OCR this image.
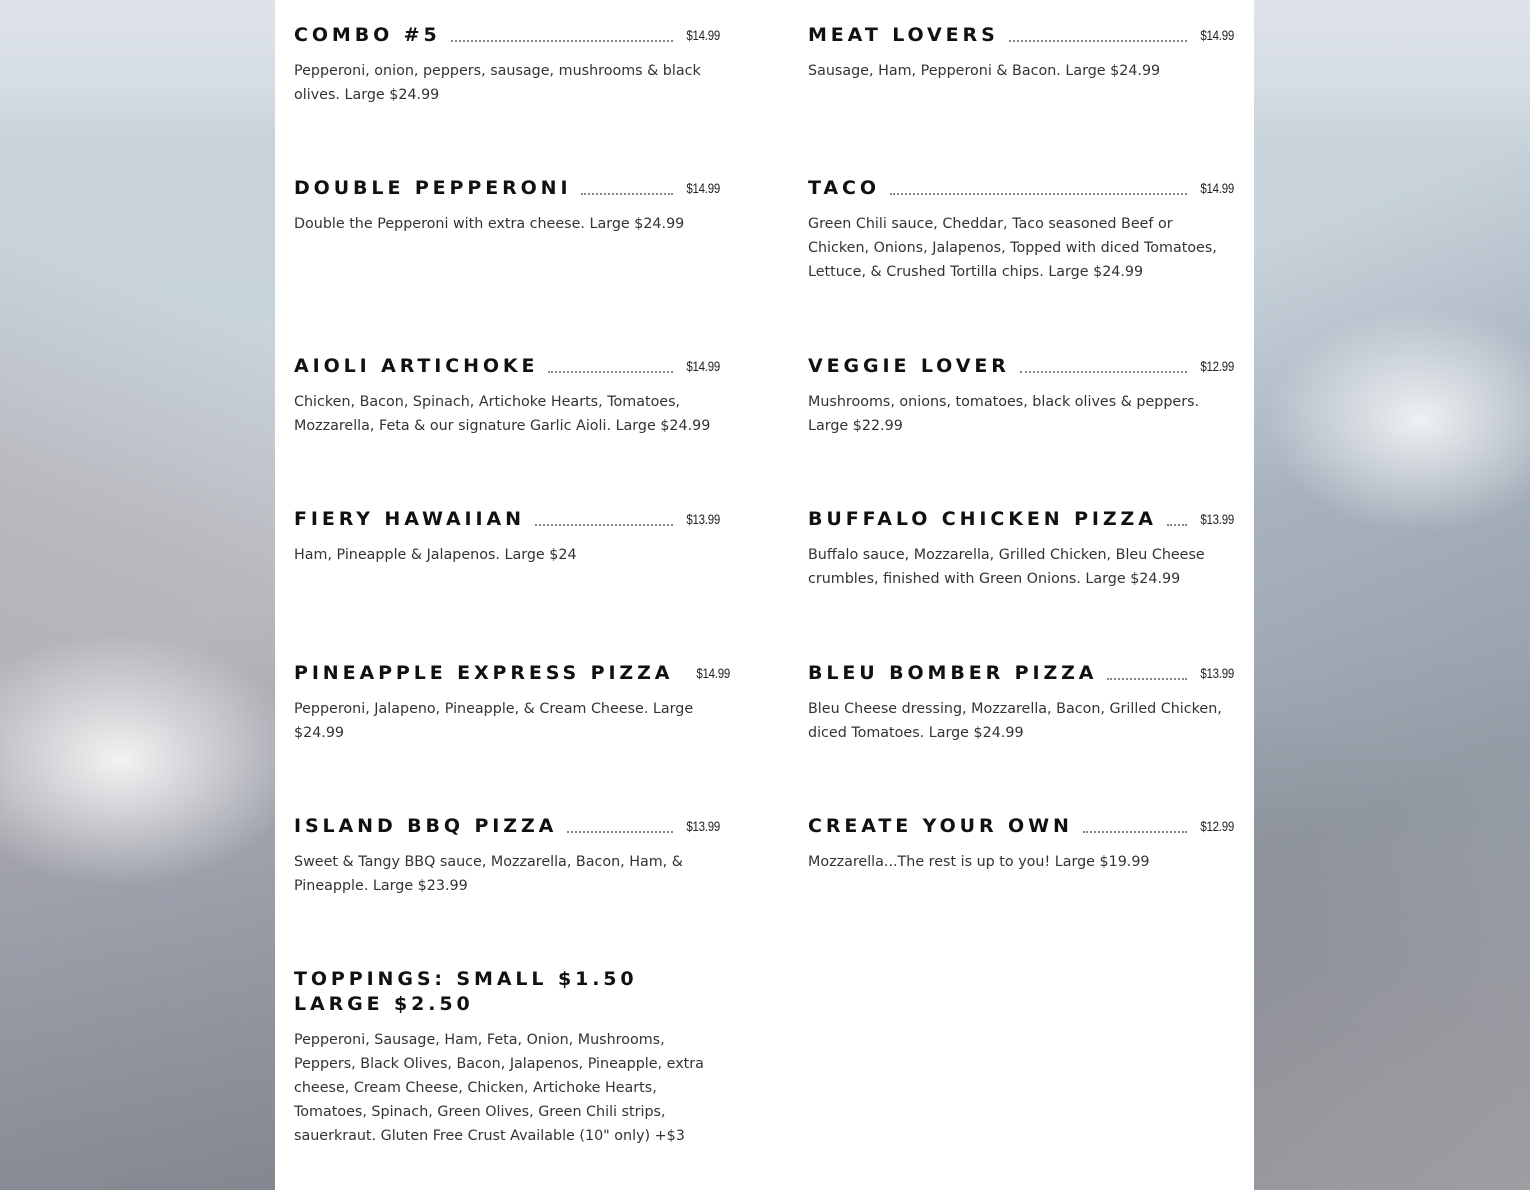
COMBO #5	$14.99
Pepperoni, onion, peppers, sausage, mushrooms & black olives. Large $24.99
DOUBLE PEPPERONI	$14.99
Double the Pepperoni with extra cheese. Large $24.99
AIOLI ARTICHOKE	$14.99
Chicken, Bacon, Spinach, Artichoke Hearts, Tomatoes, Mozzarella, Feta & our signature Garlic Aioli. Large $24.99
FIERY HAWAIIAN	$13.99
Ham, Pineapple & Jalapenos. Large $24
PINEAPPLE EXPRESS PIZZA $14.99
Pepperoni, Jalapeno, Pineapple, & Cream Cheese. Large $24.99
ISLAND BBQ PIZZA	$13.99
Sweet & Tangy BBQ sauce, Mozzarella, Bacon, Ham, & Pineapple. Large $23.99
TOPPINGS: SMALL $1.50 LARGE $2.50
Pepperoni, Sausage, Ham, Feta, Onion, Mushrooms, Peppers, Black Olives, Bacon, Jalapenos, Pineapple, extra cheese, Cream Cheese, Chicken, Artichoke Hearts, Tomatoes, Spinach, Green Olives, Green Chili strips, sauerkraut. Gluten Free Crust Available (10" only) +$3
MEAT LOVERS	$14.99
Sausage, Ham, Pepperoni & Bacon. Large $24.99
TACO	$14.99
Green Chili sauce, Cheddar, Taco seasoned Beef or Chicken, Onions, Jalapenos, Topped with diced Tomatoes, Lettuce, & Crushed Tortilla chips. Large $24.99
VEGGIE LOVER	$12.99
Mushrooms, onions, tomatoes, black olives & peppers. Large $22.99
BUFFALO CHICKEN PIZZA	$13.99
Buffalo sauce, Mozzarella, Grilled Chicken, Bleu Cheese crumbles, finished with Green Onions. Large $24.99
BLEU BOMBER PIZZA	$13.99
Bleu Cheese dressing, Mozzarella, Bacon, Grilled Chicken, diced Tomatoes. Large $24.99
CREATE YOUR OWN	$12.99
Mozzarella...The rest is up to you! Large $19.99
